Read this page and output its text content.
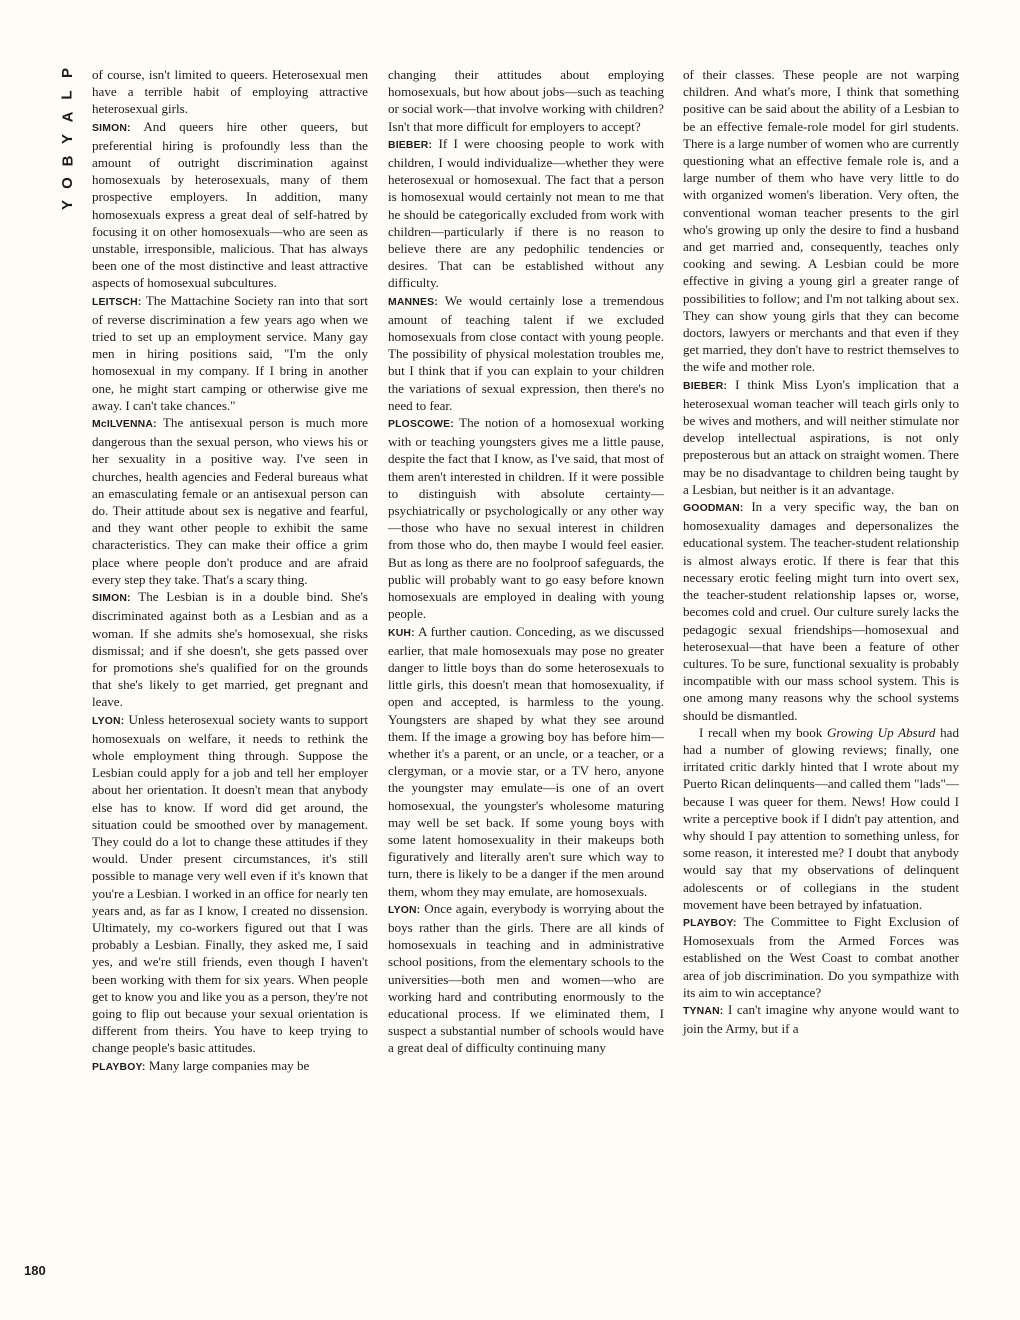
P
L
A
Y
B
O
Y
180

of course, isn't limited to queers. Heterosexual men have a terrible habit of employing attractive heterosexual girls.

SIMON: And queers hire other queers, but preferential hiring is profoundly less than the amount of outright discrimination against homosexuals by heterosexuals, many of them prospective employers. In addition, many homosexuals express a great deal of self-hatred by focusing it on other homosexuals—who are seen as unstable, irresponsible, malicious. That has always been one of the most distinctive and least attractive aspects of homosexual subcultures.

LEITSCH: The Mattachine Society ran into that sort of reverse discrimination a few years ago when we tried to set up an employment service. Many gay men in hiring positions said, "I'm the only homosexual in my company. If I bring in another one, he might start camping or otherwise give me away. I can't take chances."

McILVENNA: The antisexual person is much more dangerous than the sexual person, who views his or her sexuality in a positive way. I've seen in churches, health agencies and Federal bureaus what an emasculating female or an antisexual person can do. Their attitude about sex is negative and fearful, and they want other people to exhibit the same characteristics. They can make their office a grim place where people don't produce and are afraid every step they take. That's a scary thing.

SIMON: The Lesbian is in a double bind. She's discriminated against both as a Lesbian and as a woman. If she admits she's homosexual, she risks dismissal; and if she doesn't, she gets passed over for promotions she's qualified for on the grounds that she's likely to get married, get pregnant and leave.

LYON: Unless heterosexual society wants to support homosexuals on welfare, it needs to rethink the whole employment thing through. Suppose the Lesbian could apply for a job and tell her employer about her orientation. It doesn't mean that anybody else has to know. If word did get around, the situation could be smoothed over by management. They could do a lot to change these attitudes if they would. Under present circumstances, it's still possible to manage very well even if it's known that you're a Lesbian. I worked in an office for nearly ten years and, as far as I know, I created no dissension. Ultimately, my co-workers figured out that I was probably a Lesbian. Finally, they asked me, I said yes, and we're still friends, even though I haven't been working with them for six years. When people get to know you and like you as a person, they're not going to flip out because your sexual orientation is different from theirs. You have to keep trying to change people's basic attitudes.

PLAYBOY: Many large companies may be

changing their attitudes about employing homosexuals, but how about jobs—such as teaching or social work—that involve working with children? Isn't that more difficult for employers to accept?

BIEBER: If I were choosing people to work with children, I would individualize—whether they were heterosexual or homosexual. The fact that a person is homosexual would certainly not mean to me that he should be categorically excluded from work with children—particularly if there is no reason to believe there are any pedophilic tendencies or desires. That can be established without any difficulty.

MANNES: We would certainly lose a tremendous amount of teaching talent if we excluded homosexuals from close contact with young people. The possibility of physical molestation troubles me, but I think that if you can explain to your children the variations of sexual expression, then there's no need to fear.

PLOSCOWE: The notion of a homosexual working with or teaching youngsters gives me a little pause, despite the fact that I know, as I've said, that most of them aren't interested in children. If it were possible to distinguish with absolute certainty—psychiatrically or psychologically or any other way—those who have no sexual interest in children from those who do, then maybe I would feel easier. But as long as there are no foolproof safeguards, the public will probably want to go easy before known homosexuals are employed in dealing with young people.

KUH: A further caution. Conceding, as we discussed earlier, that male homosexuals may pose no greater danger to little boys than do some heterosexuals to little girls, this doesn't mean that homosexuality, if open and accepted, is harmless to the young. Youngsters are shaped by what they see around them. If the image a growing boy has before him—whether it's a parent, or an uncle, or a teacher, or a clergyman, or a movie star, or a TV hero, anyone the youngster may emulate—is one of an overt homosexual, the youngster's wholesome maturing may well be set back. If some young boys with some latent homosexuality in their makeups both figuratively and literally aren't sure which way to turn, there is likely to be a danger if the men around them, whom they may emulate, are homosexuals.

LYON: Once again, everybody is worrying about the boys rather than the girls. There are all kinds of homosexuals in teaching and in administrative school positions, from the elementary schools to the universities—both men and women—who are working hard and contributing enormously to the educational process. If we eliminated them, I suspect a substantial number of schools would have a great deal of difficulty continuing many

of their classes. These people are not warping children. And what's more, I think that something positive can be said about the ability of a Lesbian to be an effective female-role model for girl students. There is a large number of women who are currently questioning what an effective female role is, and a large number of them who have very little to do with organized women's liberation. Very often, the conventional woman teacher presents to the girl who's growing up only the desire to find a husband and get married and, consequently, teaches only cooking and sewing. A Lesbian could be more effective in giving a young girl a greater range of possibilities to follow; and I'm not talking about sex. They can show young girls that they can become doctors, lawyers or merchants and that even if they get married, they don't have to restrict themselves to the wife and mother role.

BIEBER: I think Miss Lyon's implication that a heterosexual woman teacher will teach girls only to be wives and mothers, and will neither stimulate nor develop intellectual aspirations, is not only preposterous but an attack on straight women. There may be no disadvantage to children being taught by a Lesbian, but neither is it an advantage.

GOODMAN: In a very specific way, the ban on homosexuality damages and depersonalizes the educational system. The teacher-student relationship is almost always erotic. If there is fear that this necessary erotic feeling might turn into overt sex, the teacher-student relationship lapses or, worse, becomes cold and cruel. Our culture surely lacks the pedagogic sexual friendships—homosexual and heterosexual—that have been a feature of other cultures. To be sure, functional sexuality is probably incompatible with our mass school system. This is one among many reasons why the school systems should be dismantled.

I recall when my book Growing Up Absurd had had a number of glowing reviews; finally, one irritated critic darkly hinted that I wrote about my Puerto Rican delinquents—and called them "lads"—because I was queer for them. News! How could I write a perceptive book if I didn't pay attention, and why should I pay attention to something unless, for some reason, it interested me? I doubt that anybody would say that my observations of delinquent adolescents or of collegians in the student movement have been betrayed by infatuation.

PLAYBOY: The Committee to Fight Exclusion of Homosexuals from the Armed Forces was established on the West Coast to combat another area of job discrimination. Do you sympathize with its aim to win acceptance?

TYNAN: I can't imagine why anyone would want to join the Army, but if a
